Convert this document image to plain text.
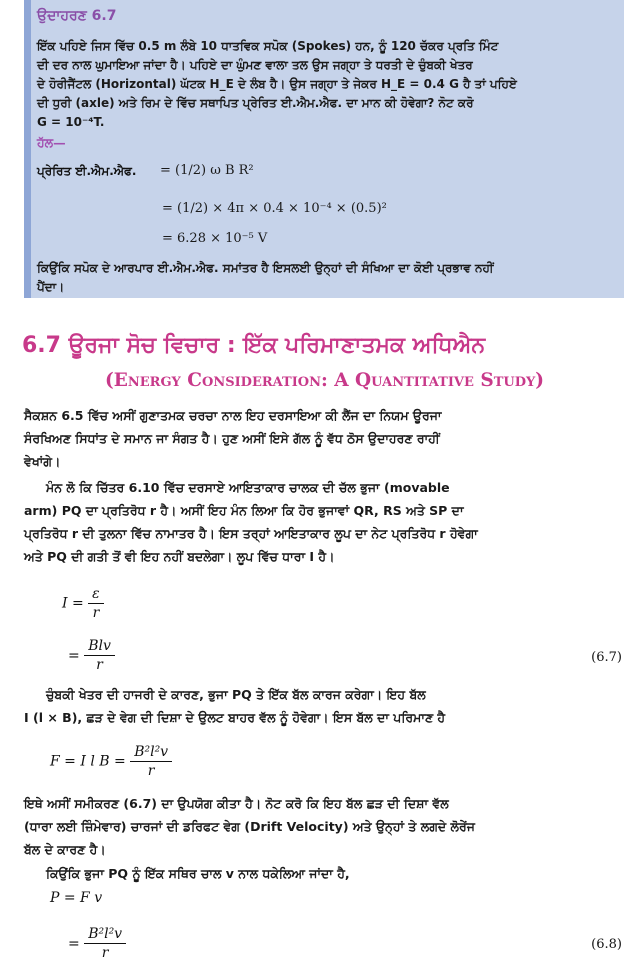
ਉਦਾਹਰਣ 6.7
ਇੱਕ ਪਹਿਏ ਜਿਸ ਵਿੱਚ 0.5 m ਲੰਬੇ 10 ਧਾਤਵਿਕ ਸਪੋਕ (Spokes) ਹਨ, ਨੂੰ 120 ਚੱਕਰ ਪ੍ਰਤਿ ਮਿੰਟ
ਦੀ ਦਰ ਨਾਲ ਘੁਮਾਇਆ ਜਾਂਦਾ ਹੈ। ਪਹਿਏ ਦਾ ਘੁੰਮਣ ਵਾਲਾ ਤਲ ਉਸ ਜਗ੍ਹਾ ਤੇ ਧਰਤੀ ਦੇ ਚੁੰਬਕੀ ਖੇਤਰ
ਦੇ ਹੋਰੀਜੈਂਟਲ (Horizontal) ਘੱਟਕ H_E ਦੇ ਲੰਬ ਹੈ। ਉਸ ਜਗ੍ਹਾ ਤੇ ਜੇਕਰ H_E = 0.4 G ਹੈ ਤਾਂ ਪਹਿਏ
ਦੀ ਧੁਰੀ (axle) ਅਤੇ ਰਿਮ ਦੇ ਵਿੱਚ ਸਥਾਪਿਤ ਪ੍ਰੇਰਿਤ ਈ.ਐਮ.ਐਫ. ਦਾ ਮਾਨ ਕੀ ਹੋਵੇਗਾ? ਨੋਟ ਕਰੋ
G = 10⁻⁴T.
ਹੱਲ—
ਪ੍ਰੇਰਿਤ ਈ.ਐਮ.ਐਫ. = (1/2) ω B R²
= (1/2) × 4π × 0.4 × 10⁻⁴ × (0.5)²
= 6.28 × 10⁻⁵ V
ਕਿਉਂਕਿ ਸਪੋਕ ਦੇ ਆਰਪਾਰ ਈ.ਐਮ.ਐਫ. ਸਮਾਂਤਰ ਹੈ ਇਸਲਈ ਉਨ੍ਹਾਂ ਦੀ ਸੰਖਿਆ ਦਾ ਕੋਈ ਪ੍ਰਭਾਵ ਨਹੀਂ
ਪੈਂਦਾ।
6.7 ਊਰਜਾ ਸੋਚ ਵਿਚਾਰ : ਇੱਕ ਪਰਿਮਾਣਾਤਮਕ ਅਧਿਐਨ
(Energy Consideration: A Quantitative Study)
ਸੈਕਸ਼ਨ 6.5 ਵਿੱਚ ਅਸੀਂ ਗੁਣਾਤਮਕ ਚਰਚਾ ਨਾਲ ਇਹ ਦਰਸਾਇਆ ਕੀ ਲੈਂਜ ਦਾ ਨਿਯਮ ਊਰਜਾ
ਸੰਰਖਿਅਣ ਸਿਧਾਂਤ ਦੇ ਸਮਾਨ ਜਾ ਸੰਗਤ ਹੈ। ਹੁਣ ਅਸੀਂ ਇਸੇ ਗੱਲ ਨੂੰ ਵੱਧ ਠੋਸ ਉਦਾਹਰਣ ਰਾਹੀਂ
ਵੇਖਾਂਗੇ।
ਮੰਨ ਲੋ ਕਿ ਚਿੱਤਰ 6.10 ਵਿੱਚ ਦਰਸਾਏ ਆਇਤਾਕਾਰ ਚਾਲਕ ਦੀ ਚੱਲ ਭੁਜਾ (movable
arm) PQ ਦਾ ਪ੍ਰਤਿਰੋਧ r ਹੈ। ਅਸੀਂ ਇਹ ਮੰਨ ਲਿਆ ਕਿ ਹੋਰ ਭੁਜਾਵਾਂ QR, RS ਅਤੇ SP ਦਾ
ਪ੍ਰਤਿਰੋਧ r ਦੀ ਤੁਲਨਾ ਵਿੱਚ ਨਾਮਾਤਰ ਹੈ। ਇਸ ਤਰ੍ਹਾਂ ਆਇਤਾਕਾਰ ਲੂਪ ਦਾ ਨੇਟ ਪ੍ਰਤਿਰੋਧ r ਹੋਵੇਗਾ
ਅਤੇ PQ ਦੀ ਗਤੀ ਤੋਂ ਵੀ ਇਹ ਨਹੀਂ ਬਦਲੇਗਾ। ਲੂਪ ਵਿੱਚ ਧਾਰਾ I ਹੈ।
$I = \frac{\varepsilon}{r}$
= $\frac{\text{Blv}}{r}$	(6.7)
ਚੁੰਬਕੀ ਖੇਤਰ ਦੀ ਹਾਜਰੀ ਦੇ ਕਾਰਣ, ਭੁਜਾ PQ ਤੇ ਇੱਕ ਬੱਲ ਕਾਰਜ ਕਰੇਗਾ। ਇਹ ਬੱਲ
I (l × B), ਛੜ ਦੇ ਵੇਗ ਦੀ ਦਿਸ਼ਾ ਦੇ ਉਲਟ ਬਾਹਰ ਵੱਲ ਨੂੰ ਹੋਵੇਗਾ। ਇਸ ਬੱਲ ਦਾ ਪਰਿਮਾਣ ਹੈ
F = I l $B = \frac{\text{B²l²v}}{r}$
ਇਥੇ ਅਸੀਂ ਸਮੀਕਰਣ (6.7) ਦਾ ਉਪਯੋਗ ਕੀਤਾ ਹੈ। ਨੋਟ ਕਰੋ ਕਿ ਇਹ ਬੱਲ ਛੜ ਦੀ ਦਿਸ਼ਾ ਵੱਲ
(ਧਾਰਾ ਲਈ ਜ਼ਿੰਮੇਵਾਰ) ਚਾਰਜਾਂ ਦੀ ਡਰਿਫਟ ਵੇਗ (Drift Velocity) ਅਤੇ ਉਨ੍ਹਾਂ ਤੇ ਲਗਦੇ ਲੋਰੇਂਜ
ਬੱਲ ਦੇ ਕਾਰਣ ਹੈ।
ਕਿਉਂਕਿ ਭੁਜਾ PQ ਨੂੰ ਇੱਕ ਸਥਿਰ ਚਾਲ v ਨਾਲ ਧਕੇਲਿਆ ਜਾਂਦਾ ਹੈ,
P = F v
= $\frac{\text{B²l²v}}{r}$	(6.8)
